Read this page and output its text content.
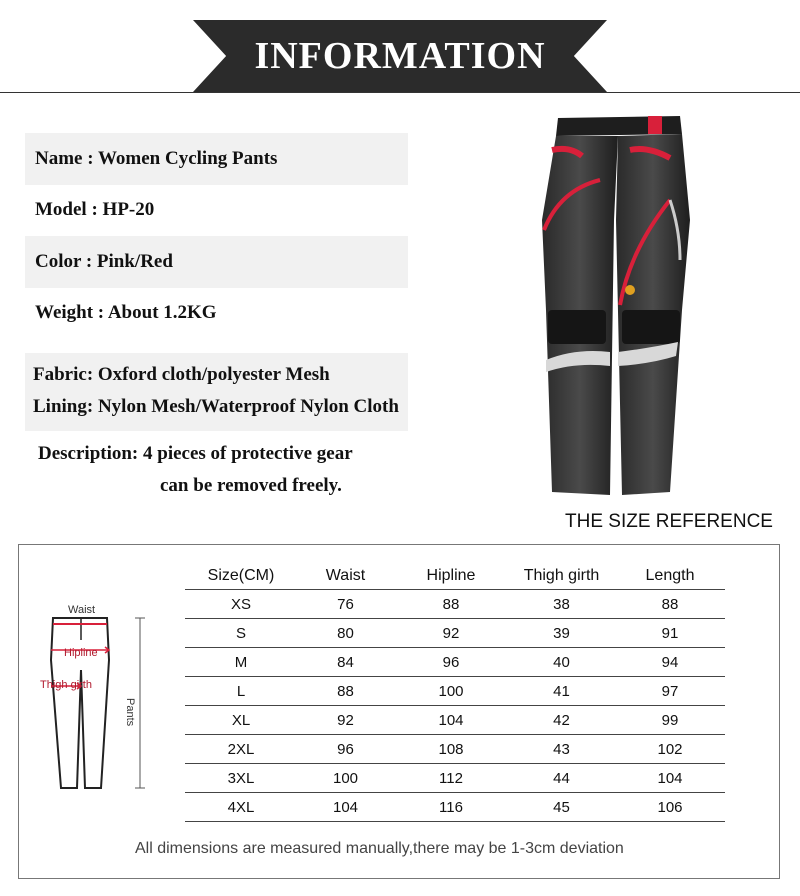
INFORMATION
Name : Women Cycling Pants
Model : HP-20
Color : Pink/Red
Weight : About 1.2KG
Fabric: Oxford cloth/polyester Mesh
Lining: Nylon Mesh/Waterproof Nylon Cloth
Description: 4 pieces of protective gear
can be removed freely.
THE SIZE REFERENCE
Waist
Hipline
Thigh girth
Pants
Size(CM)	Waist	Hipline	Thigh girth	Length
XS	76	88	38	88
S	80	92	39	91
M	84	96	40	94
L	88	100	41	97
XL	92	104	42	99
2XL	96	108	43	102
3XL	100	112	44	104
4XL	104	116	45	106
All dimensions are measured manually,there may be 1-3cm deviation
